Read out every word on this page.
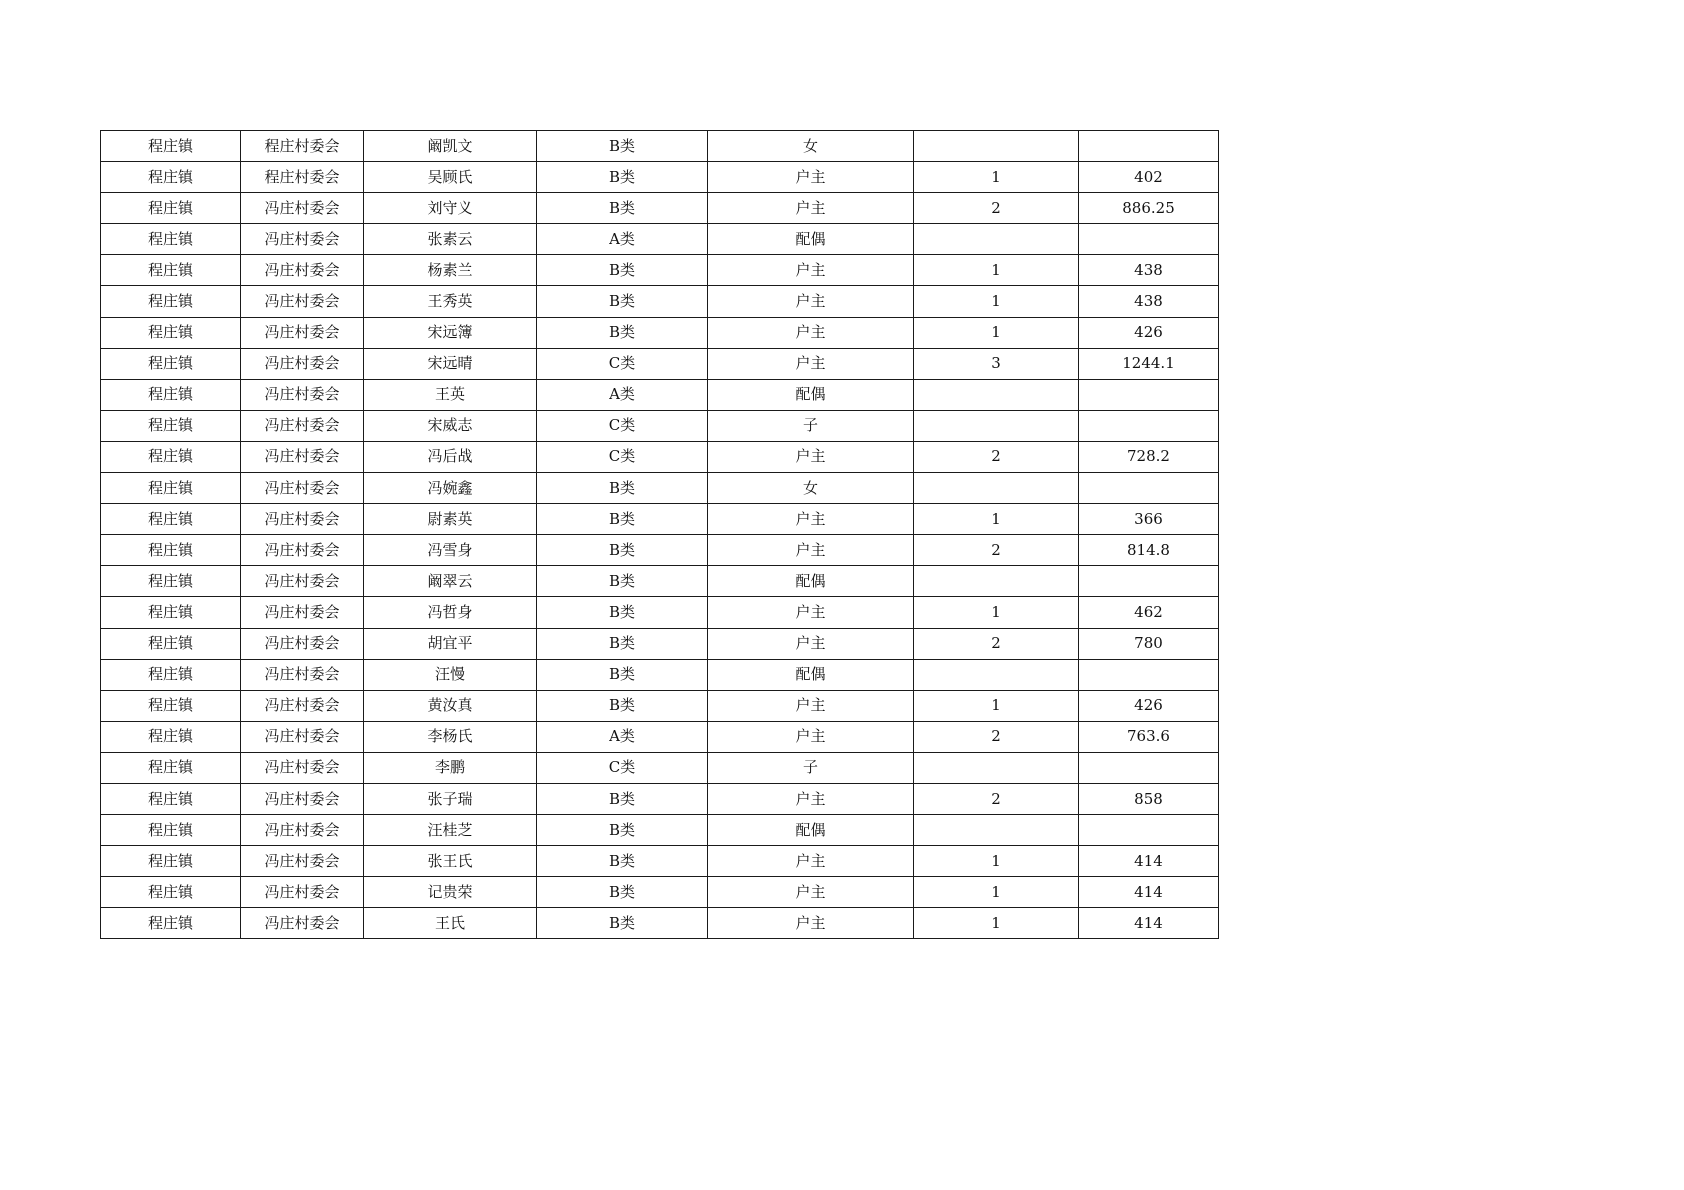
程庄镇	程庄村委会	阚凯文	B类	女		
程庄镇	程庄村委会	吴顾氏	B类	户主	1	402
程庄镇	冯庄村委会	刘守义	B类	户主	2	886.25
程庄镇	冯庄村委会	张素云	A类	配偶		
程庄镇	冯庄村委会	杨素兰	B类	户主	1	438
程庄镇	冯庄村委会	王秀英	B类	户主	1	438
程庄镇	冯庄村委会	宋远簿	B类	户主	1	426
程庄镇	冯庄村委会	宋远晴	C类	户主	3	1244.1
程庄镇	冯庄村委会	王英	A类	配偶		
程庄镇	冯庄村委会	宋威志	C类	子		
程庄镇	冯庄村委会	冯后战	C类	户主	2	728.2
程庄镇	冯庄村委会	冯婉鑫	B类	女		
程庄镇	冯庄村委会	尉素英	B类	户主	1	366
程庄镇	冯庄村委会	冯雪身	B类	户主	2	814.8
程庄镇	冯庄村委会	阚翠云	B类	配偶		
程庄镇	冯庄村委会	冯哲身	B类	户主	1	462
程庄镇	冯庄村委会	胡宜平	B类	户主	2	780
程庄镇	冯庄村委会	汪慢	B类	配偶		
程庄镇	冯庄村委会	黄汝真	B类	户主	1	426
程庄镇	冯庄村委会	李杨氏	A类	户主	2	763.6
程庄镇	冯庄村委会	李鹏	C类	子		
程庄镇	冯庄村委会	张子瑞	B类	户主	2	858
程庄镇	冯庄村委会	汪桂芝	B类	配偶		
程庄镇	冯庄村委会	张王氏	B类	户主	1	414
程庄镇	冯庄村委会	记贵荣	B类	户主	1	414
程庄镇	冯庄村委会	王氏	B类	户主	1	414
